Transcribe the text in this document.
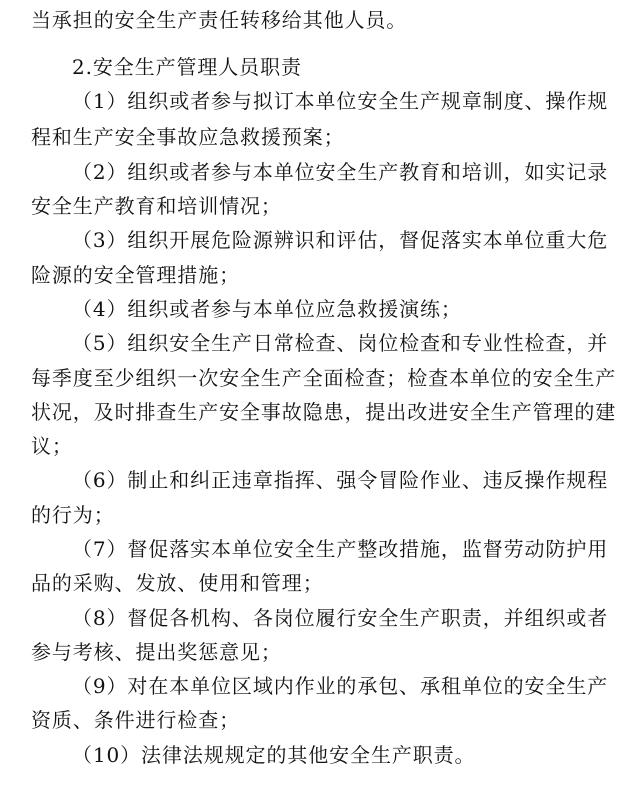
当承担的安全生产责任转移给其他人员。
2.安全生产管理人员职责
（1）组织或者参与拟订本单位安全生产规章制度、操作规
程和生产安全事故应急救援预案；
（2）组织或者参与本单位安全生产教育和培训，如实记录
安全生产教育和培训情况；
（3）组织开展危险源辨识和评估，督促落实本单位重大危
险源的安全管理措施；
（4）组织或者参与本单位应急救援演练；
（5）组织安全生产日常检查、岗位检查和专业性检查，并
每季度至少组织一次安全生产全面检查；检查本单位的安全生产
状况，及时排查生产安全事故隐患，提出改进安全生产管理的建
议；
（6）制止和纠正违章指挥、强令冒险作业、违反操作规程
的行为；
（7）督促落实本单位安全生产整改措施，监督劳动防护用
品的采购、发放、使用和管理；
（8）督促各机构、各岗位履行安全生产职责，并组织或者
参与考核、提出奖惩意见；
（9）对在本单位区域内作业的承包、承租单位的安全生产
资质、条件进行检查；
（10）法律法规规定的其他安全生产职责。
